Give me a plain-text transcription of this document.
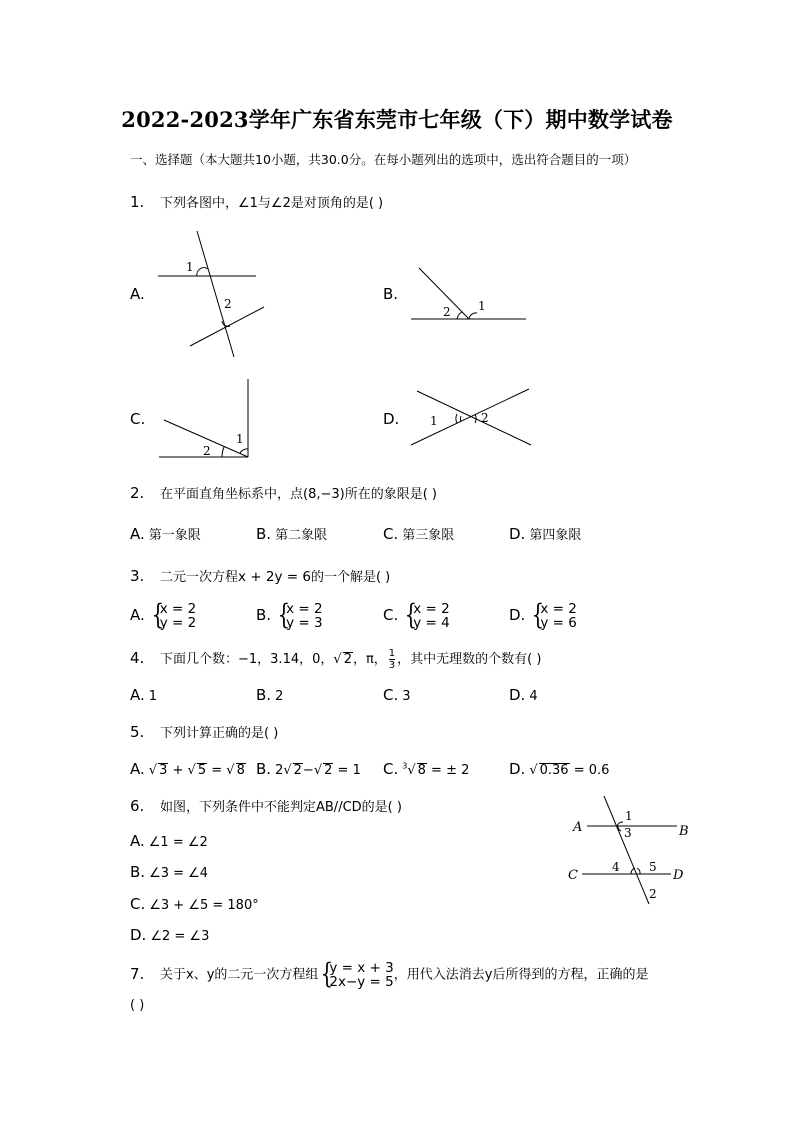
2022-2023学年广东省东莞市七年级（下）期中数学试卷
一、选择题（本大题共10小题，共30.0分。在每小题列出的选项中，选出符合题目的一项）
1. 下列各图中，∠1与∠2是对顶角的是( )
A.
1
2
B.
2 1
C.
2
1
D.	1	2
2. 在平面直角坐标系中，点(8,−3)所在的象限是( )
A. 第一象限	B. 第二象限	C. 第三象限	D. 第四象限
3. 二元一次方程x + 2y = 6的一个解是( )
A. {
x = 2
y = 2	B. {
x = 2
y = 3	C. {
x = 2
y = 4	D. {
x = 2
y = 6
4. 下面几个数：−1，3.14，0，√ 2，π， $\frac{1}{3}$ ，其中无理数的个数有( )
A. 1	B. 2	C. 3	D. 4
5. 下列计算正确的是( )
A. √ 3 + √ 5 = √ 8 B. 2√ 2−√ 2 = 1 C. $^3$√ 8 = ± 2	D. √ 0.36 = 0.6
6. 如图，下列条件中不能判定AB//CD的是( )
A. ∠1 = ∠2
B. ∠3 = ∠4
C. ∠3 + ∠5 = 180°
D. ∠2 = ∠3
A	B
C	D
1
3
4 5
2
7. 关于x、y的二元一次方程组 {
y = x + 3
2x−y = 5 ，用代入法消去y后所得到的方程，正确的是
( )
